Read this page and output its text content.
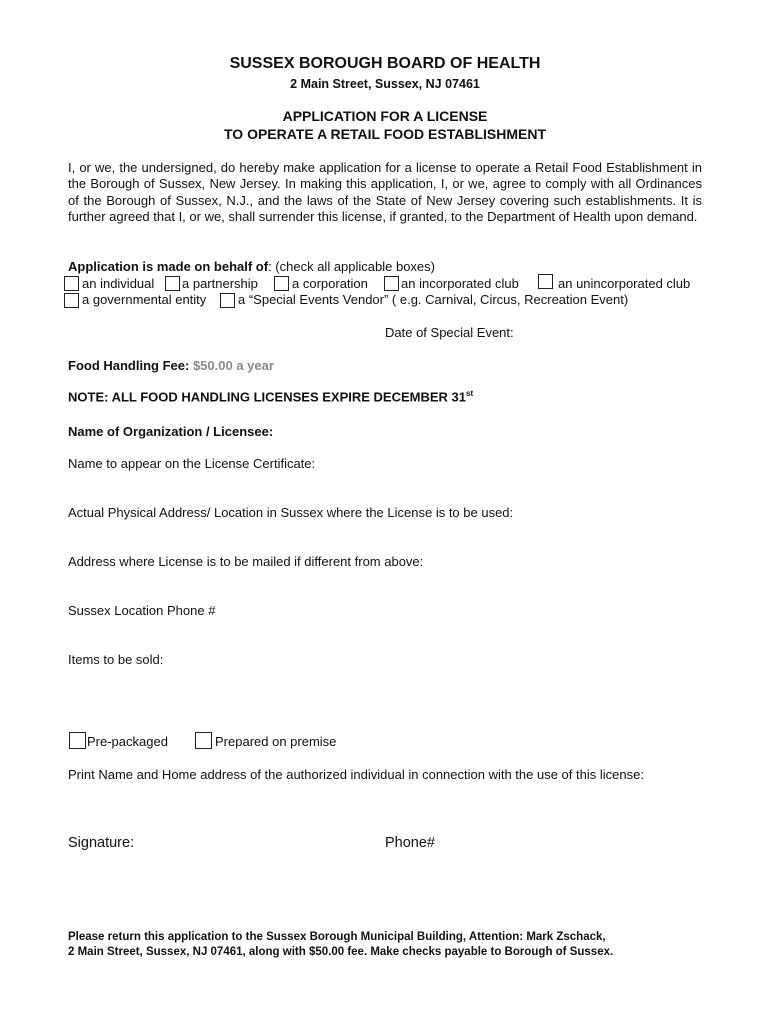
SUSSEX BOROUGH BOARD OF HEALTH
2 Main Street, Sussex, NJ 07461
APPLICATION FOR A LICENSE
TO OPERATE A RETAIL FOOD ESTABLISHMENT
I, or we, the undersigned, do hereby make application for a license to operate a Retail Food Establishment in the Borough of Sussex, New Jersey. In making this application, I, or we, agree to comply with all Ordinances of the Borough of Sussex, N.J., and the laws of the State of New Jersey covering such establishments. It is further agreed that I, or we, shall surrender this license, if granted, to the Department of Health upon demand.
Application is made on behalf of: (check all applicable boxes)
an individual a partnership	a corporation	an incorporated club	an unincorporated club
a governmental entity a “Special Events Vendor” ( e.g. Carnival, Circus, Recreation Event)
Date of Special Event:
Food Handling Fee: $50.00 a year
NOTE: ALL FOOD HANDLING LICENSES EXPIRE DECEMBER 31st
Name of Organization / Licensee:
Name to appear on the License Certificate:
Actual Physical Address/ Location in Sussex where the License is to be used:
Address where License is to be mailed if different from above:
Sussex Location Phone #
Items to be sold:
Pre-packaged	Prepared on premise
Print Name and Home address of the authorized individual in connection with the use of this license:
Signature:	Phone#
Please return this application to the Sussex Borough Municipal Building, Attention: Mark Zschack,
2 Main Street, Sussex, NJ 07461, along with $50.00 fee. Make checks payable to Borough of Sussex.
